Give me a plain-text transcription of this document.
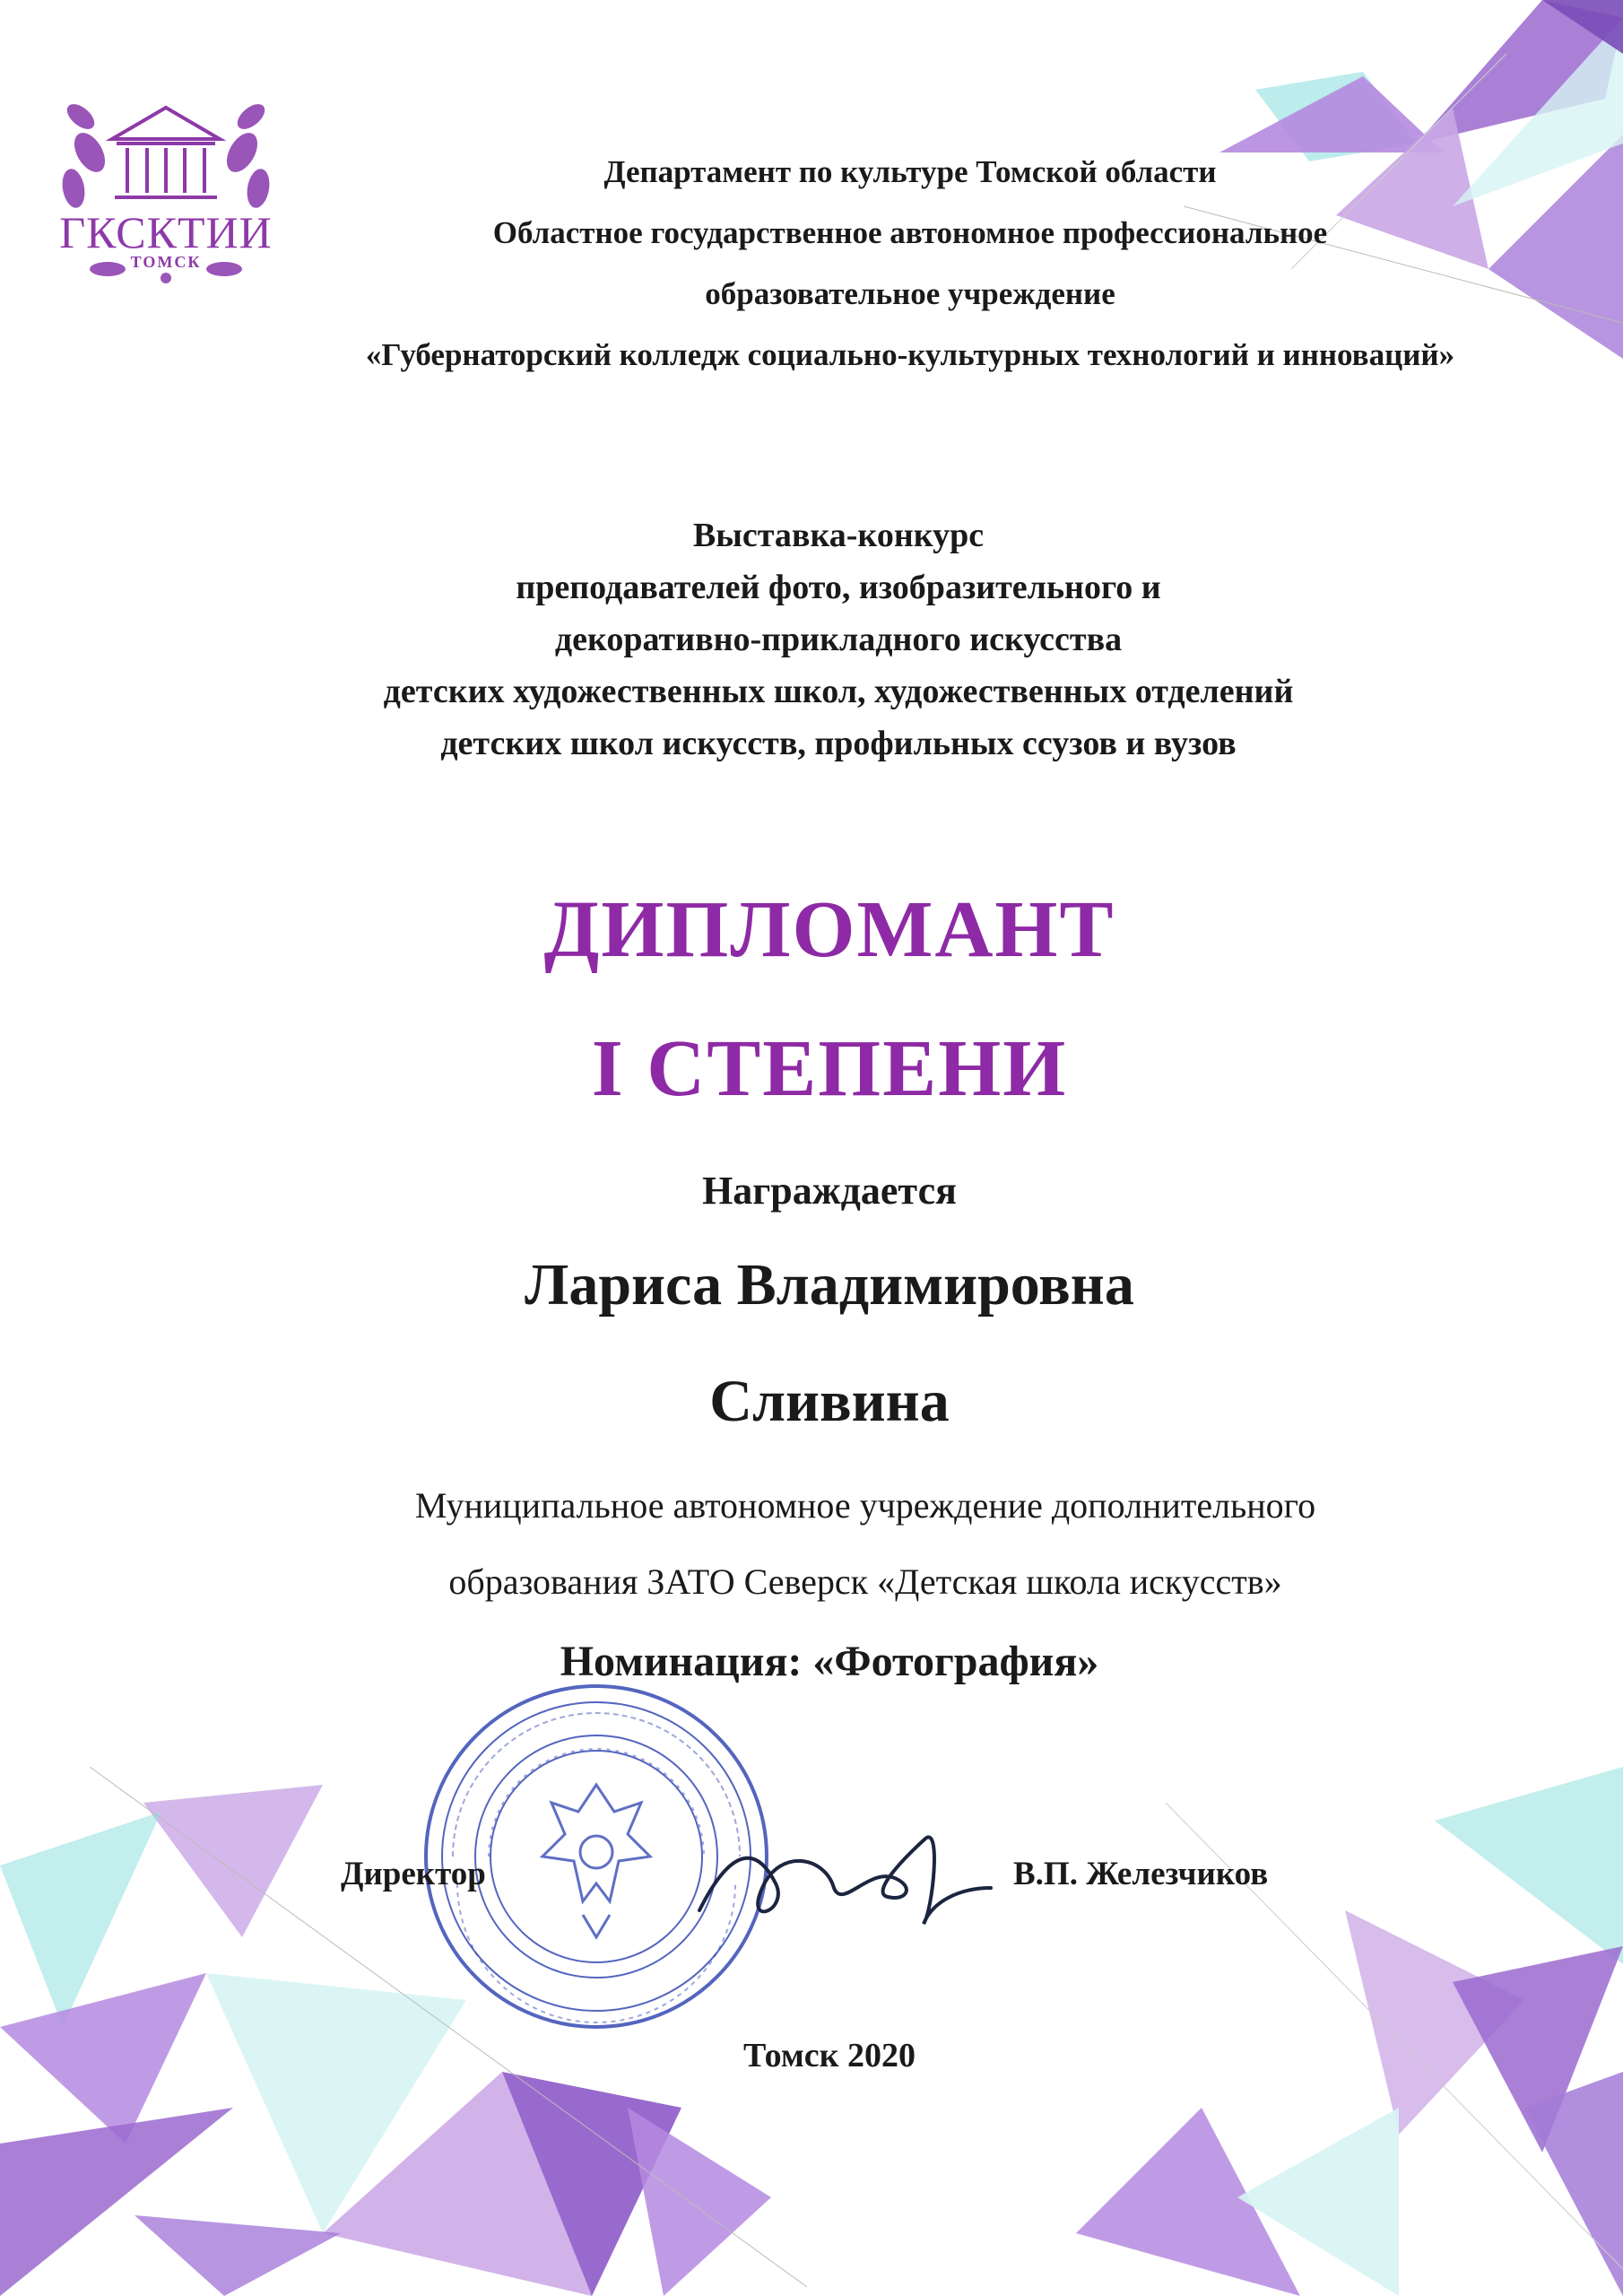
ГКСКТИИ
ТОМСК
Департамент по культуре Томской области
Областное государственное автономное профессиональное
образовательное учреждение
«Губернаторский колледж социально-культурных технологий и инноваций»
Выставка-конкурс
преподавателей фото, изобразительного и
декоративно-прикладного искусства
детских художественных школ, художественных отделений
детских школ искусств, профильных ссузов и вузов
ДИПЛОМАНТ
I СТЕПЕНИ
Награждается
Лариса Владимировна
Сливина
Муниципальное автономное учреждение дополнительного
образования ЗАТО Северск «Детская школа искусств»
Номинация: «Фотография»
Директор	В.П. Железчиков
Томск 2020
